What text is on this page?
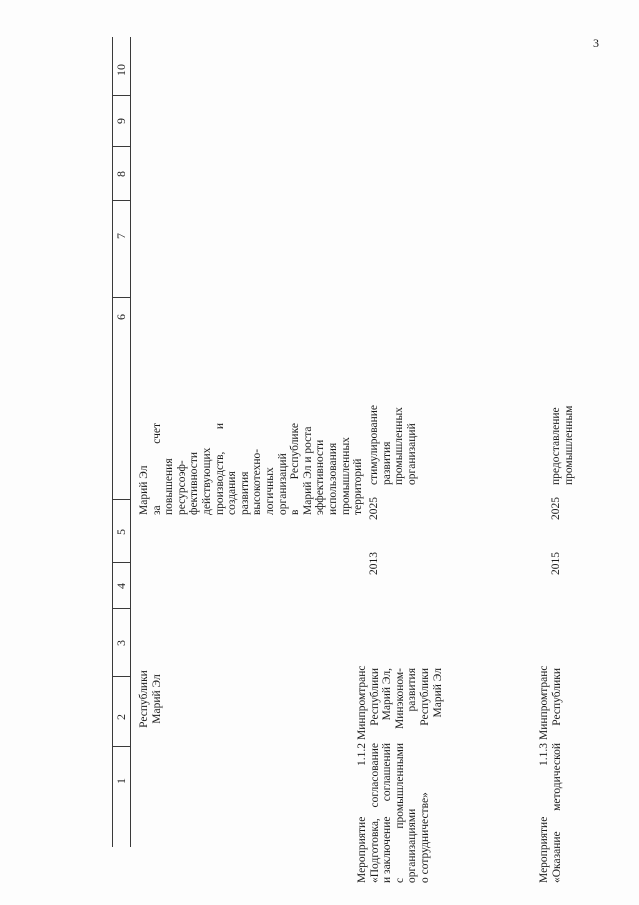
3
1
2
3
4
5
6
7
8
9
10
Республики Марий Эл
Марий Эл за
счет
повышения ресурсоэф- фективности действующих производств,
и
создания развития высокотехно- логичных организаций в
Республике Марий Эл и роста эффективности использования промышленных территорий
Мероприятие
1.1.2
«Подготовка,
согласование
и заключение
соглашений
с
промышленными
организациями о сотрудничестве»
Минпромтранс Республики Марий Эл, Минэконом- развития Республики Марий Эл
2013
2025
стимулирование развития промышленных организаций
Мероприятие
1.1.3
«Оказание
методической
Минпромтранс Республики
2015
2025
предоставление промышленным
